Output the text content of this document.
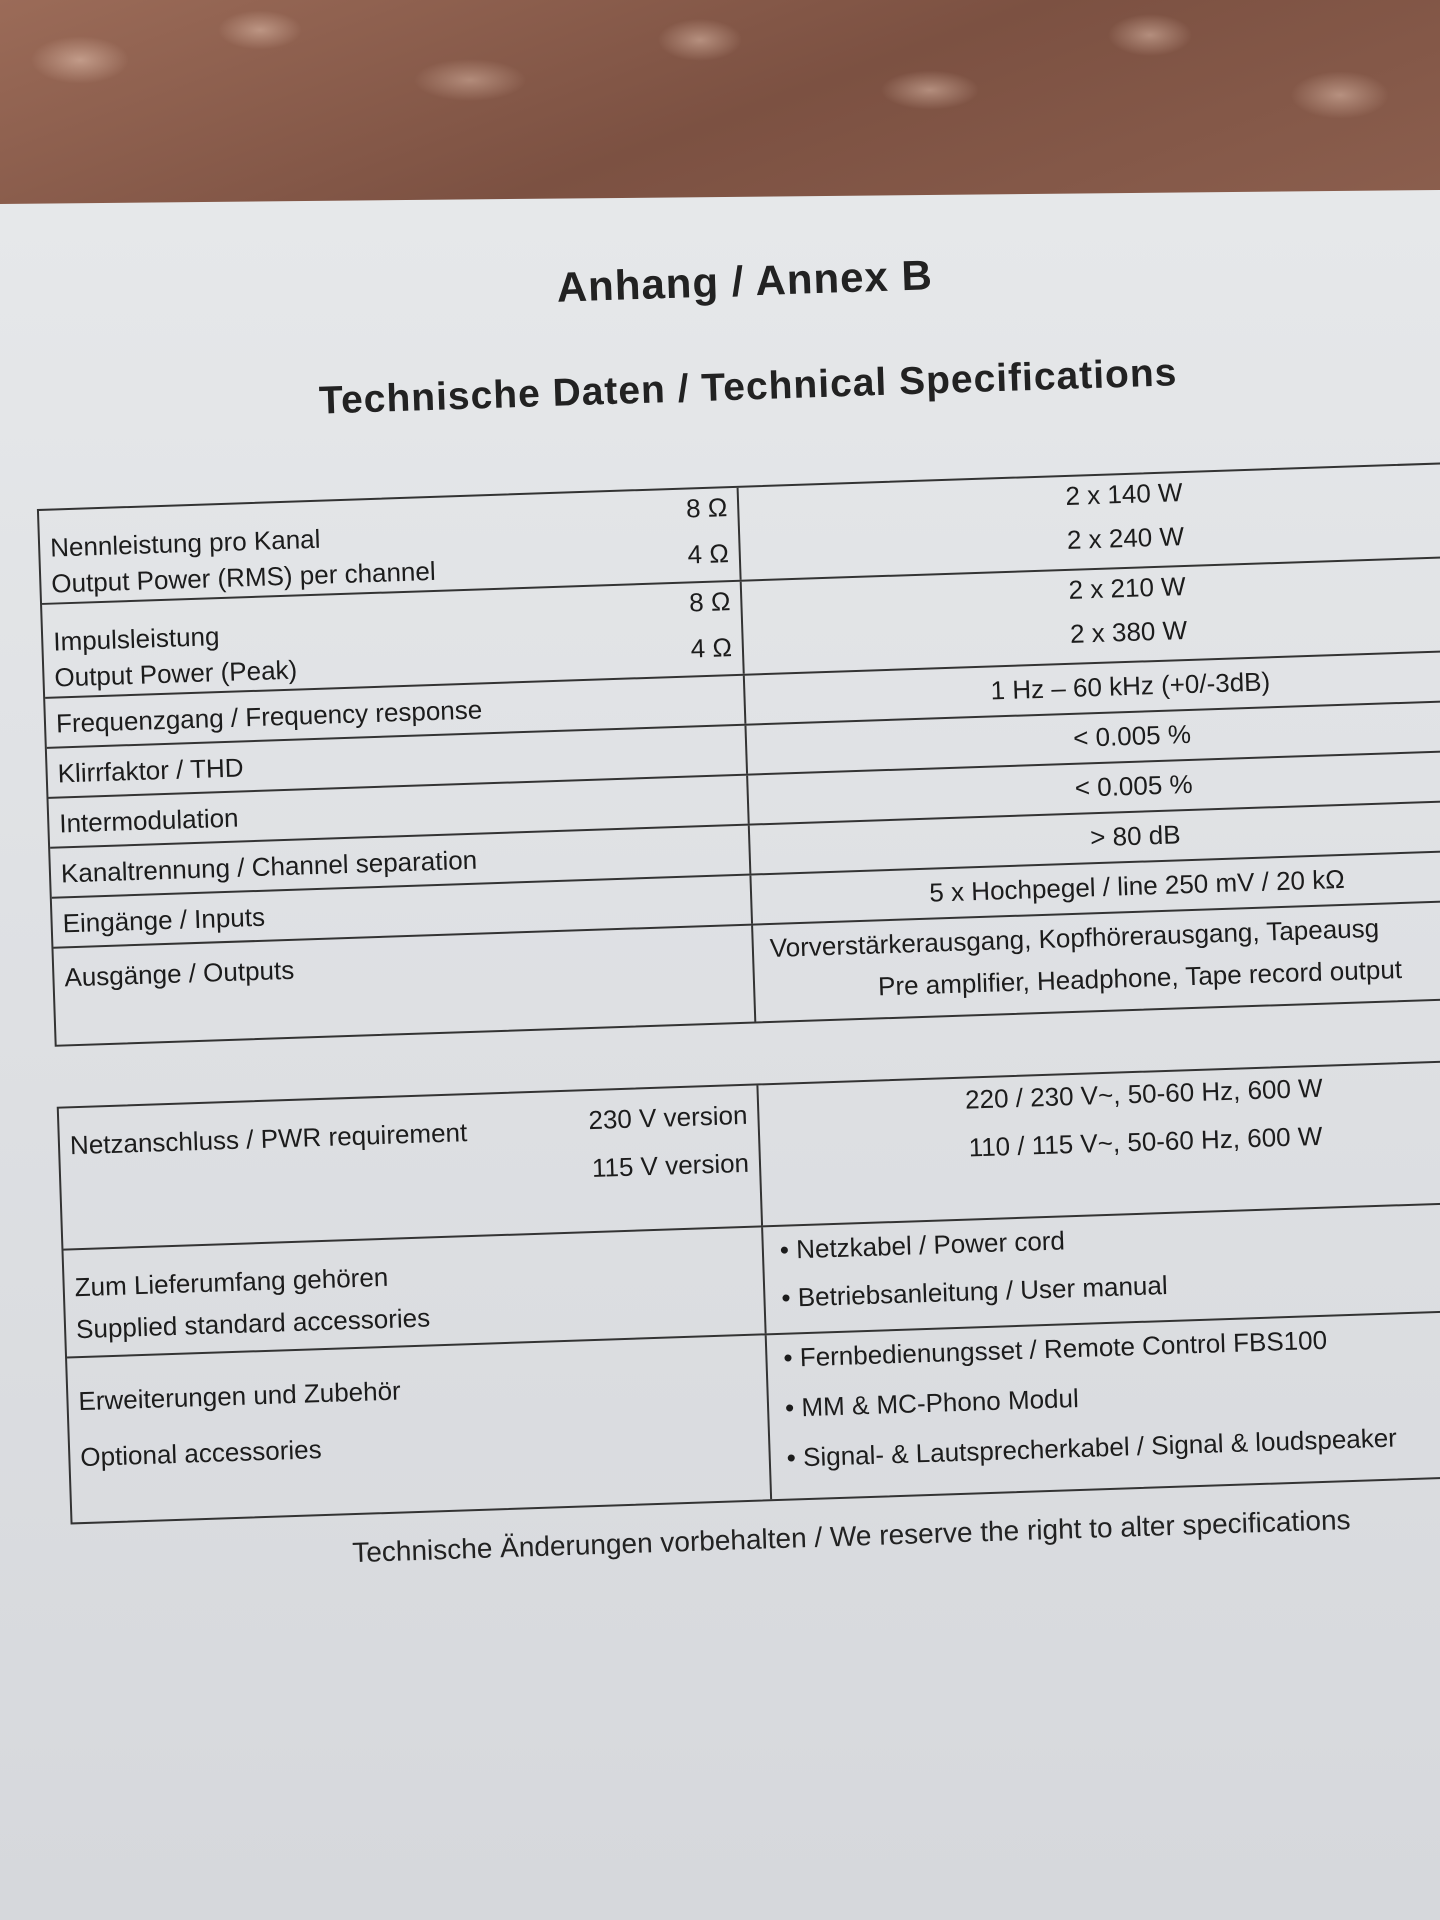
Anhang / Annex B
Technische Daten / Technical Specifications
Nennleistung pro Kanal
Output Power (RMS) per channel
8 Ω
4 Ω
2 x 140 W
2 x 240 W
Impulsleistung
Output Power (Peak)
8 Ω
4 Ω
2 x 210 W
2 x 380 W
Frequenzgang / Frequency response
1 Hz – 60 kHz (+0/-3dB)
Klirrfaktor / THD
< 0.005 %
Intermodulation
< 0.005 %
Kanaltrennung / Channel separation
> 80 dB
Eingänge / Inputs
5 x Hochpegel / line 250 mV / 20 kΩ
Ausgänge / Outputs
Vorverstärkerausgang, Kopfhörerausgang, Tapeausg
Pre amplifier, Headphone, Tape record output
Netzanschluss / PWR requirement	230 V version
115 V version
220 / 230 V~, 50-60 Hz, 600 W
110 / 115 V~, 50-60 Hz, 600 W
Zum Lieferumfang gehören
Supplied standard accessories
• Netzkabel / Power cord
• Betriebsanleitung / User manual
Erweiterungen und Zubehör
Optional accessories
• Fernbedienungsset / Remote Control FBS100
• MM & MC-Phono Modul
• Signal- & Lautsprecherkabel / Signal & loudspeaker
Technische Änderungen vorbehalten / We reserve the right to alter specifications
